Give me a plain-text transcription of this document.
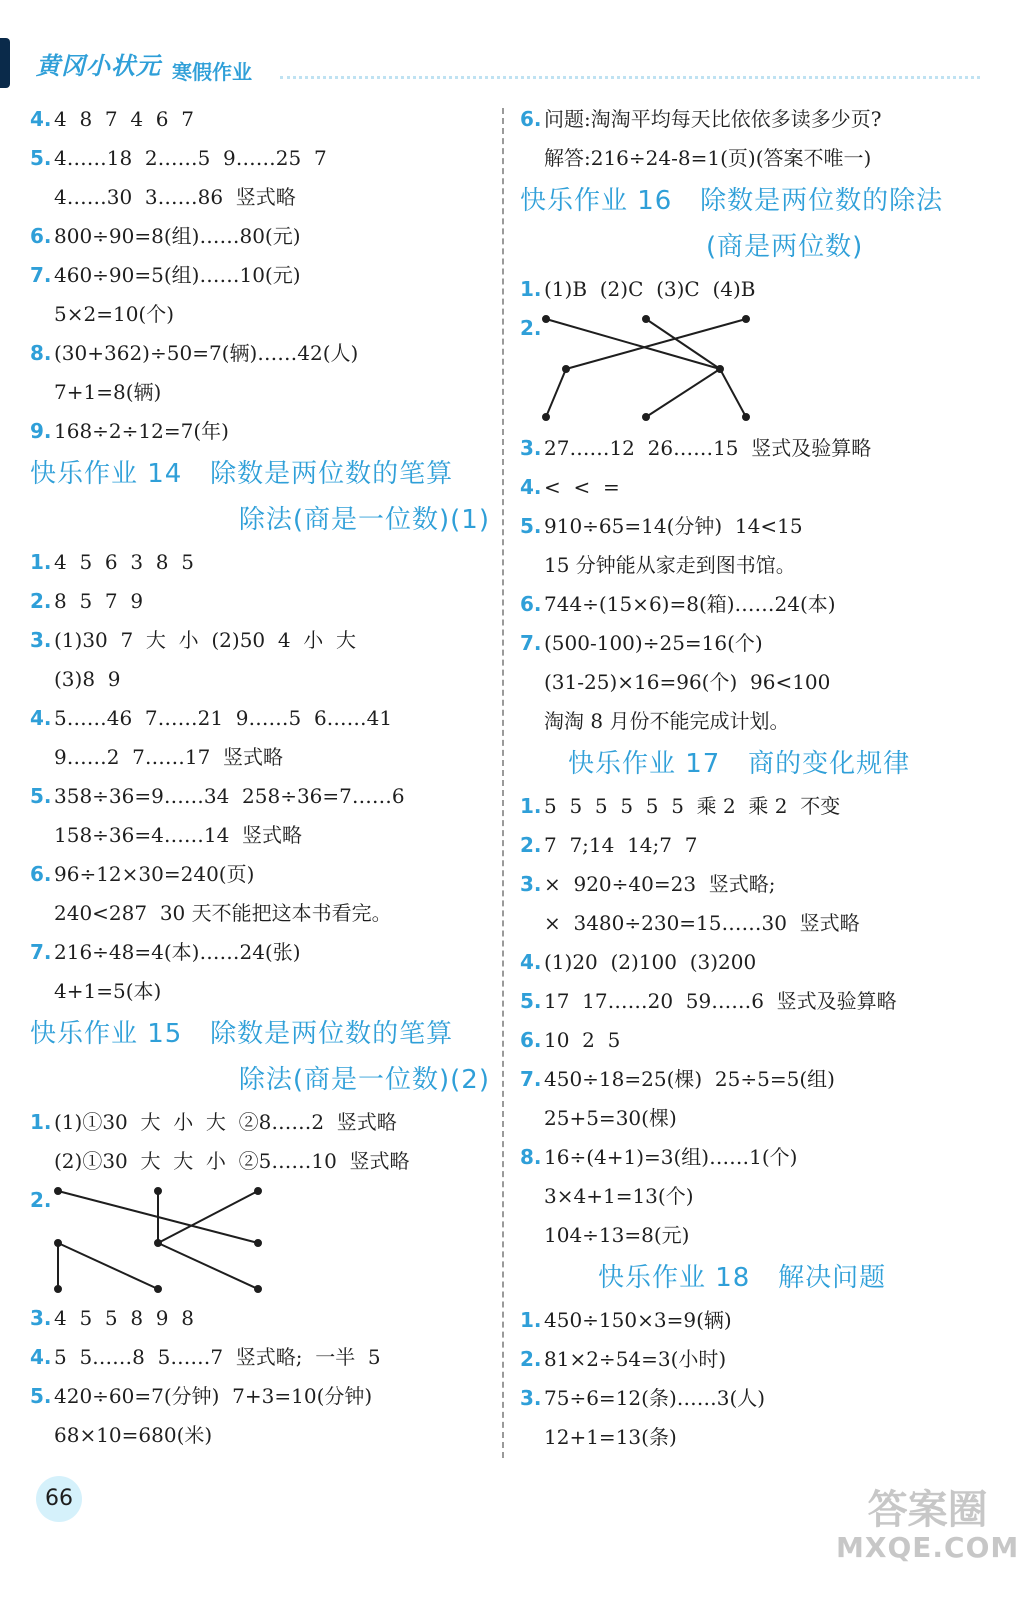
黄冈小状元 寒假作业
4. 4  8  7  4  6  7
5. 4……18  2……5  9……25  7
4……30  3……86  竖式略
6. 800÷90=8(组)……80(元)
7. 460÷90=5(组)……10(元)
5×2=10(个)
8. (30+362)÷50=7(辆)……42(人)
7+1=8(辆)
9. 168÷2÷12=7(年)
快乐作业 14   除数是两位数的笔算
除法(商是一位数)(1)
1. 4  5  6  3  8  5
2. 8  5  7  9
3. (1)30  7  大  小  (2)50  4  小  大
(3)8  9
4. 5……46  7……21  9……5  6……41
9……2  7……17  竖式略
5. 358÷36=9……34  258÷36=7……6
158÷36=4……14  竖式略
6. 96÷12×30=240(页)
240<287  30 天不能把这本书看完。
7. 216÷48=4(本)……24(张)
4+1=5(本)
快乐作业 15   除数是两位数的笔算
除法(商是一位数)(2)
1. (1)①30  大  小  大  ②8……2  竖式略
(2)①30  大  大  小  ②5……10  竖式略
2.
3. 4  5  5  8  9  8
4. 5  5……8  5……7  竖式略;  一半  5
5. 420÷60=7(分钟)  7+3=10(分钟)
68×10=680(米)
6. 问题:淘淘平均每天比依依多读多少页?
解答:216÷24-8=1(页)(答案不唯一)
快乐作业 16   除数是两位数的除法
(商是两位数)
1. (1)B  (2)C  (3)C  (4)B
2.
3. 27……12  26……15  竖式及验算略
4. <  <  =
5. 910÷65=14(分钟)  14<15
15 分钟能从家走到图书馆。
6. 744÷(15×6)=8(箱)……24(本)
7. (500-100)÷25=16(个)
(31-25)×16=96(个)  96<100
淘淘 8 月份不能完成计划。
快乐作业 17   商的变化规律
1. 5  5  5  5  5  5  乘 2  乘 2  不变
2. 7  7;14  14;7  7
3. ×  920÷40=23  竖式略;
×  3480÷230=15……30  竖式略
4. (1)20  (2)100  (3)200
5. 17  17……20  59……6  竖式及验算略
6. 10  2  5
7. 450÷18=25(棵)  25÷5=5(组)
25+5=30(棵)
8. 16÷(4+1)=3(组)……1(个)
3×4+1=13(个)
104÷13=8(元)
快乐作业 18   解决问题
1. 450÷150×3=9(辆)
2. 81×2÷54=3(小时)
3. 75÷6=12(条)……3(人)
12+1=13(条)
66	答案圈
MXQE.COM
